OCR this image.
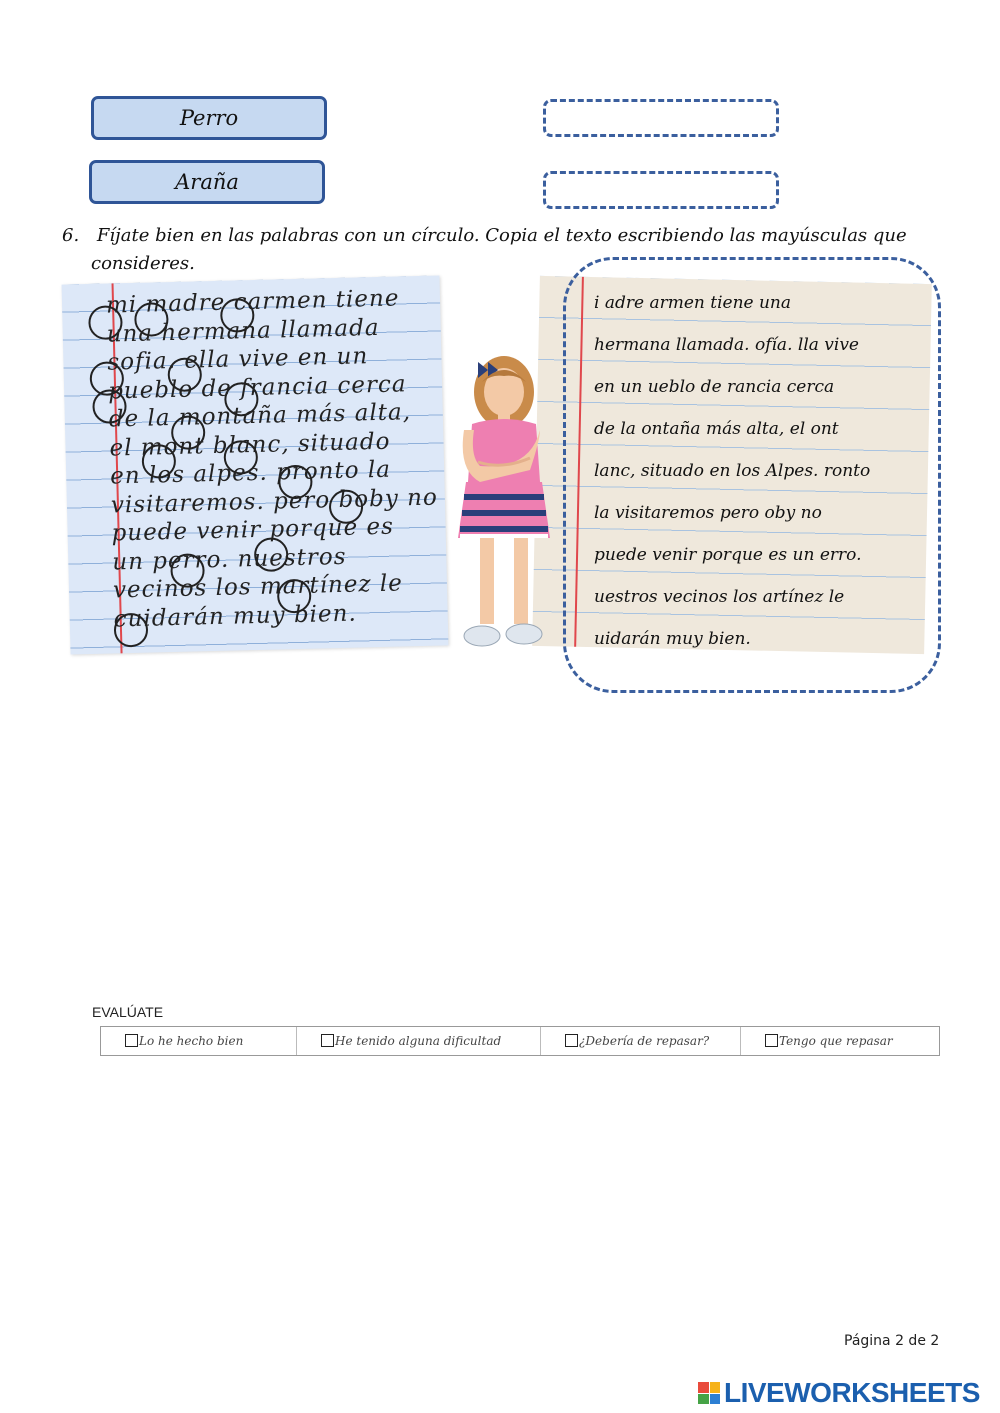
Perro
Araña
6. Fíjate bien en las palabras con un círculo. Copia el texto escribiendo las mayúsculas que
consideres.
mi madre carmen tiene
una hermana llamada
sofia. ella vive en un
pueblo de francia cerca
de la montaña más alta,
el mont blanc, situado
en los alpes. pronto la
visitaremos. pero boby no
puede venir porque es
un perro. nuestros
vecinos los martínez le
cuidarán muy bien.
i adre armen tiene una
hermana llamada. ofía. lla vive
en un ueblo de rancia cerca
de la ontaña más alta, el ont
lanc, situado en los Alpes. ronto
la visitaremos pero oby no
puede venir porque es un erro.
uestros vecinos los artínez le
uidarán muy bien.
EVALÚATE
Lo he hecho bien	He tenido alguna dificultad	¿Debería de repasar?	Tengo que repasar
Página 2 de 2
LIVEWORKSHEETS
